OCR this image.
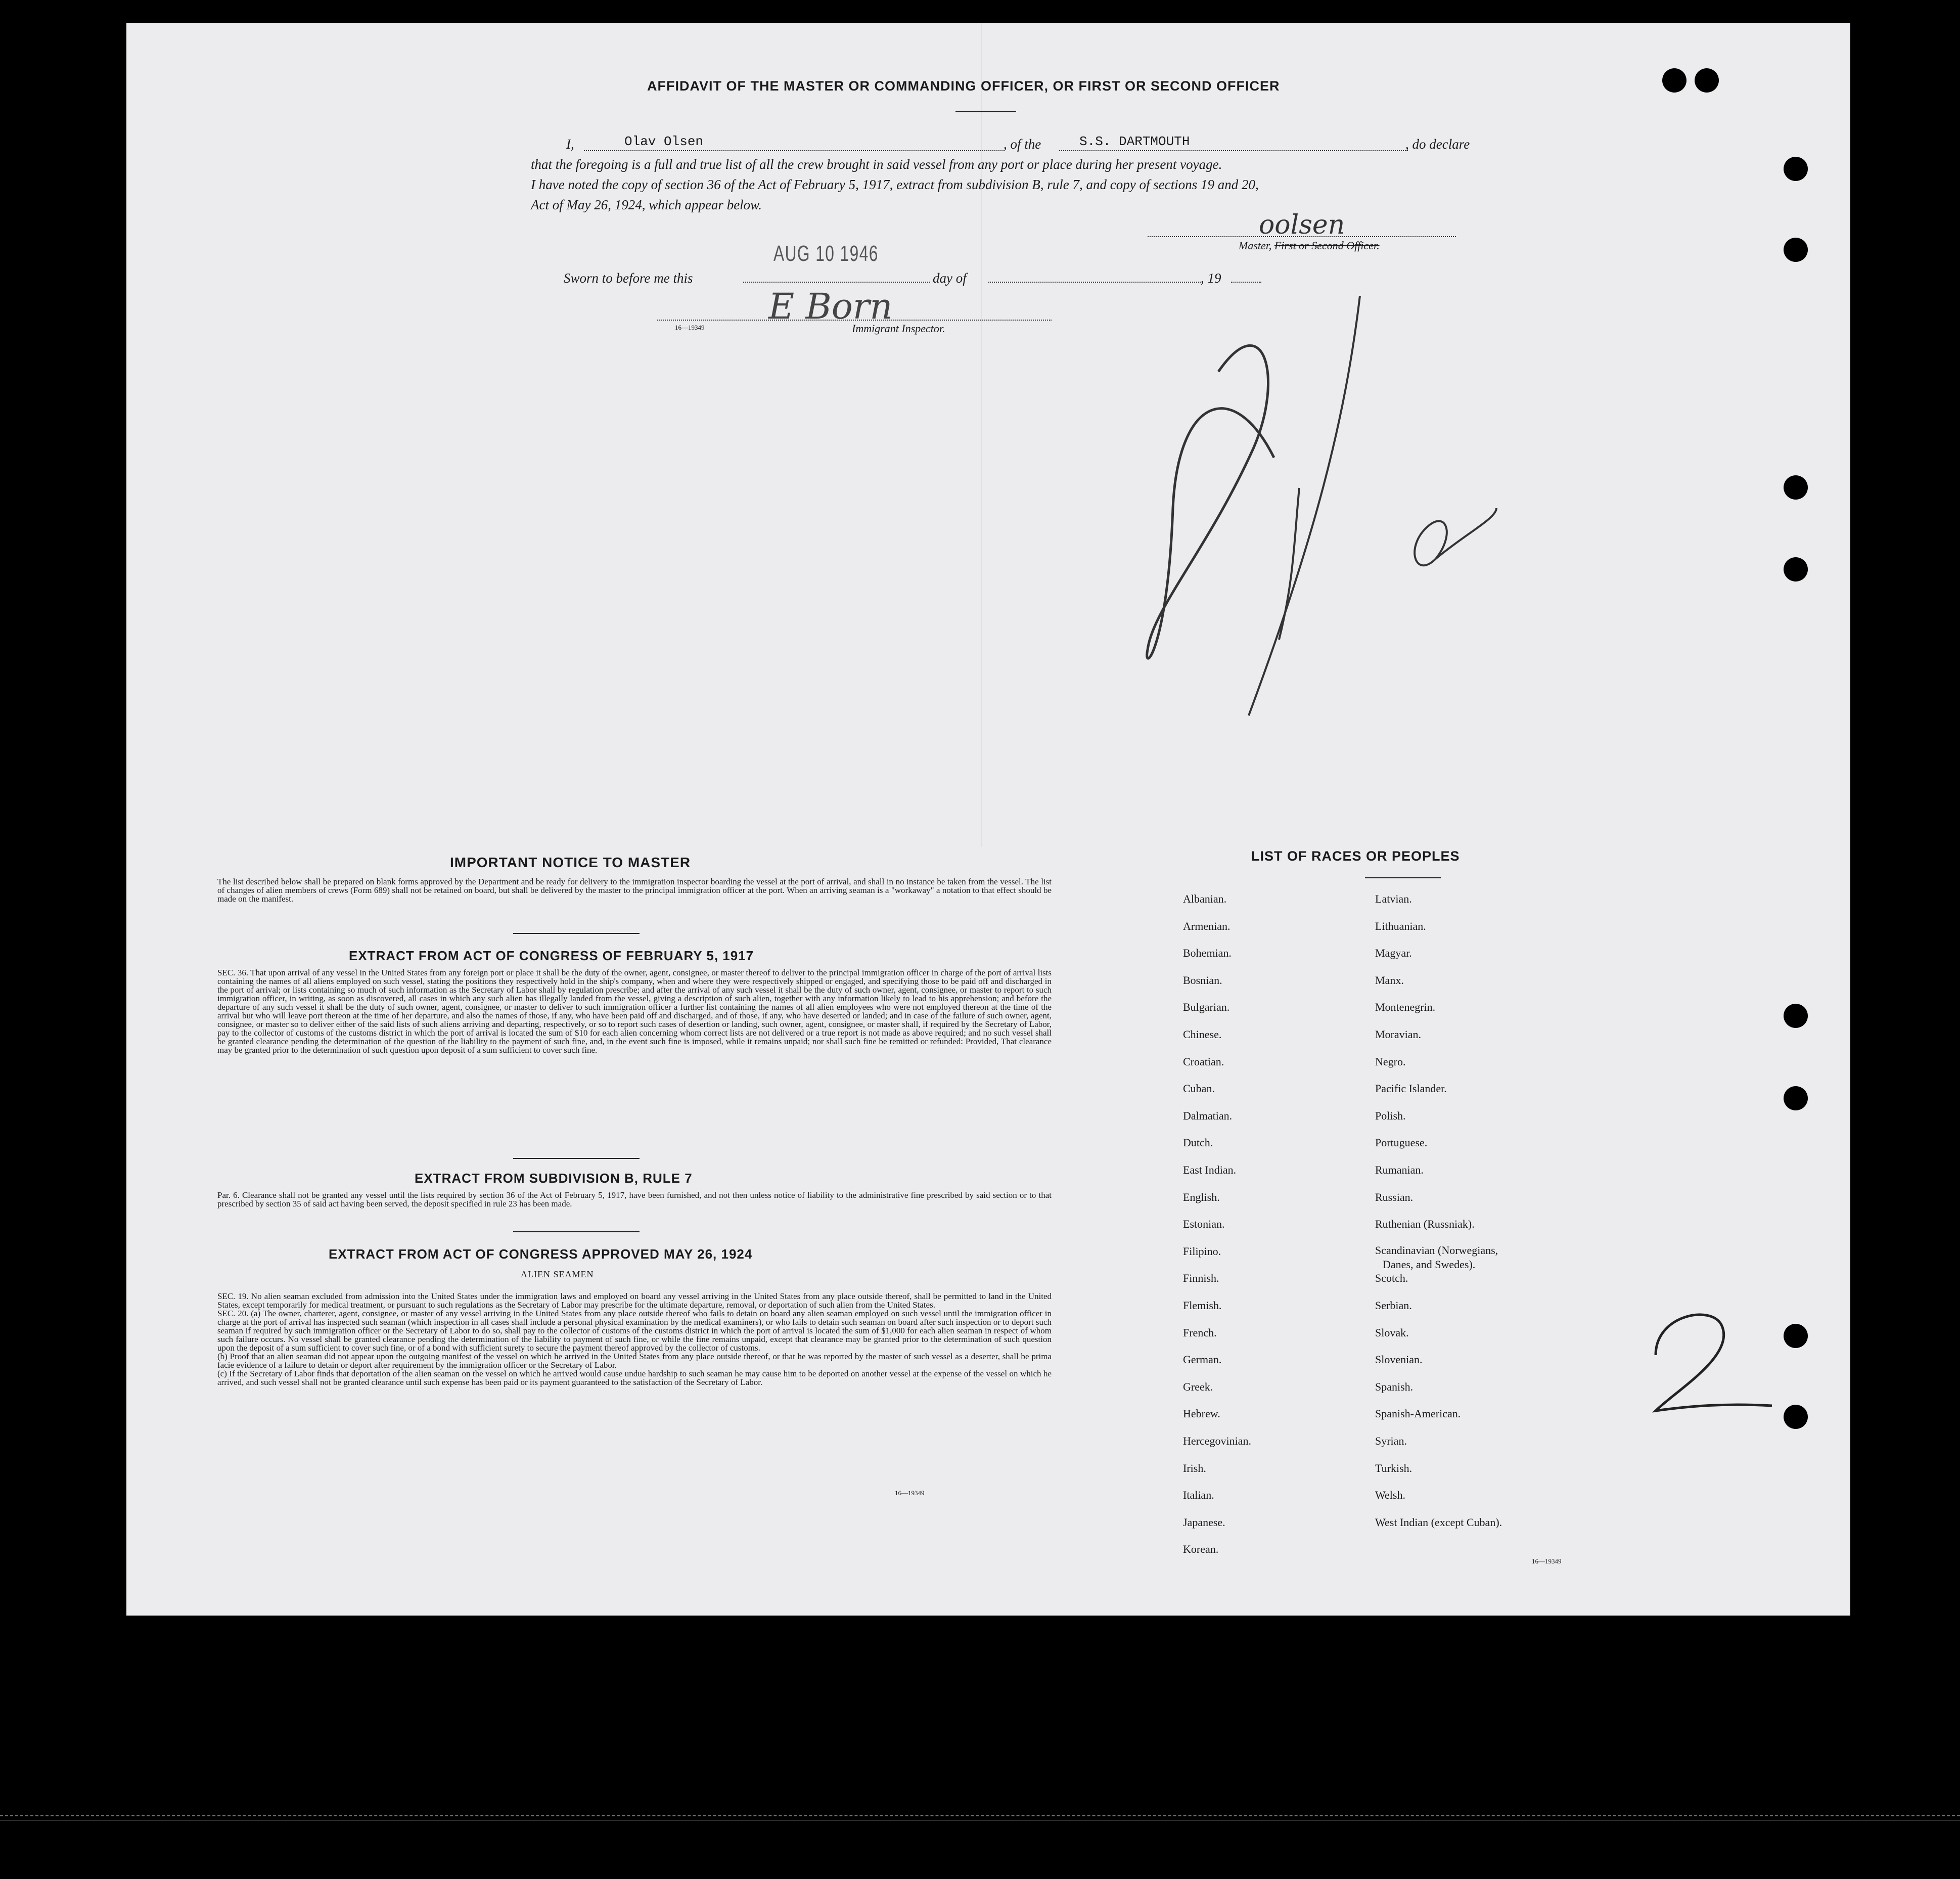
AFFIDAVIT OF THE MASTER OR COMMANDING OFFICER, OR FIRST OR SECOND OFFICER
I,	Olav Olsen	, of the	S.S. DARTMOUTH	, do declare
that the foregoing is a full and true list of all the crew brought in said vessel from any port or place during her present voyage.
I have noted the copy of section 36 of the Act of February 5, 1917, extract from subdivision B, rule 7, and copy of sections 19 and 20,
Act of May 26, 1924, which appear below.
oolsen
Master, First or Second Officer.
AUG 10 1946
Sworn to before me this	day of	, 19
E Born
16—19349	Immigrant Inspector.
IMPORTANT NOTICE TO MASTER
The list described below shall be prepared on blank forms approved by the Department and be ready for delivery to the immigration inspector boarding the vessel at the port of arrival, and shall in no instance be taken from the vessel. The list of changes of alien members of crews (Form 689) shall not be retained on board, but shall be delivered by the master to the principal immigration officer at the port. When an arriving seaman is a "workaway" a notation to that effect should be made on the manifest.
EXTRACT FROM ACT OF CONGRESS OF FEBRUARY 5, 1917
SEC. 36. That upon arrival of any vessel in the United States from any foreign port or place it shall be the duty of the owner, agent, consignee, or master thereof to deliver to the principal immigration officer in charge of the port of arrival lists containing the names of all aliens employed on such vessel, stating the positions they respectively hold in the ship's company, when and where they were respectively shipped or engaged, and specifying those to be paid off and discharged in the port of arrival; or lists containing so much of such information as the Secretary of Labor shall by regulation prescribe; and after the arrival of any such vessel it shall be the duty of such owner, agent, consignee, or master to report to such immigration officer, in writing, as soon as discovered, all cases in which any such alien has illegally landed from the vessel, giving a description of such alien, together with any information likely to lead to his apprehension; and before the departure of any such vessel it shall be the duty of such owner, agent, consignee, or master to deliver to such immigration officer a further list containing the names of all alien employees who were not employed thereon at the time of the arrival but who will leave port thereon at the time of her departure, and also the names of those, if any, who have been paid off and discharged, and of those, if any, who have deserted or landed; and in case of the failure of such owner, agent, consignee, or master so to deliver either of the said lists of such aliens arriving and departing, respectively, or so to report such cases of desertion or landing, such owner, agent, consignee, or master shall, if required by the Secretary of Labor, pay to the collector of customs of the customs district in which the port of arrival is located the sum of $10 for each alien concerning whom correct lists are not delivered or a true report is not made as above required; and no such vessel shall be granted clearance pending the determination of the question of the liability to the payment of such fine, and, in the event such fine is imposed, while it remains unpaid; nor shall such fine be remitted or refunded: Provided, That clearance may be granted prior to the determination of such question upon deposit of a sum sufficient to cover such fine.
EXTRACT FROM SUBDIVISION B, RULE 7
Par. 6. Clearance shall not be granted any vessel until the lists required by section 36 of the Act of February 5, 1917, have been furnished, and not then unless notice of liability to the administrative fine prescribed by said section or to that prescribed by section 35 of said act having been served, the deposit specified in rule 23 has been made.
EXTRACT FROM ACT OF CONGRESS APPROVED MAY 26, 1924
ALIEN SEAMEN
SEC. 19. No alien seaman excluded from admission into the United States under the immigration laws and employed on board any vessel arriving in the United States from any place outside thereof, shall be permitted to land in the United States, except temporarily for medical treatment, or pursuant to such regulations as the Secretary of Labor may prescribe for the ultimate departure, removal, or deportation of such alien from the United States.
SEC. 20. (a) The owner, charterer, agent, consignee, or master of any vessel arriving in the United States from any place outside thereof who fails to detain on board any alien seaman employed on such vessel until the immigration officer in charge at the port of arrival has inspected such seaman (which inspection in all cases shall include a personal physical examination by the medical examiners), or who fails to detain such seaman on board after such inspection or to deport such seaman if required by such immigration officer or the Secretary of Labor to do so, shall pay to the collector of customs of the customs district in which the port of arrival is located the sum of $1,000 for each alien seaman in respect of whom such failure occurs. No vessel shall be granted clearance pending the determination of the liability to payment of such fine, or while the fine remains unpaid, except that clearance may be granted prior to the determination of such question upon the deposit of a sum sufficient to cover such fine, or of a bond with sufficient surety to secure the payment thereof approved by the collector of customs.
(b) Proof that an alien seaman did not appear upon the outgoing manifest of the vessel on which he arrived in the United States from any place outside thereof, or that he was reported by the master of such vessel as a deserter, shall be prima facie evidence of a failure to detain or deport after requirement by the immigration officer or the Secretary of Labor.
(c) If the Secretary of Labor finds that deportation of the alien seaman on the vessel on which he arrived would cause undue hardship to such seaman he may cause him to be deported on another vessel at the expense of the vessel on which he arrived, and such vessel shall not be granted clearance until such expense has been paid or its payment guaranteed to the satisfaction of the Secretary of Labor.
16—19349
LIST OF RACES OR PEOPLES
Albanian.
Armenian.
Bohemian.
Bosnian.
Bulgarian.
Chinese.
Croatian.
Cuban.
Dalmatian.
Dutch.
East Indian.
English.
Estonian.
Filipino.
Finnish.
Flemish.
French.
German.
Greek.
Hebrew.
Hercegovinian.
Irish.
Italian.
Japanese.
Korean.
Latvian.
Lithuanian.
Magyar.
Manx.
Montenegrin.
Moravian.
Negro.
Pacific Islander.
Polish.
Portuguese.
Rumanian.
Russian.
Ruthenian (Russniak).
Scandinavian (Norwegians,
Danes, and Swedes).
Scotch.
Serbian.
Slovak.
Slovenian.
Spanish.
Spanish-American.
Syrian.
Turkish.
Welsh.
West Indian (except Cuban).
16—19349
